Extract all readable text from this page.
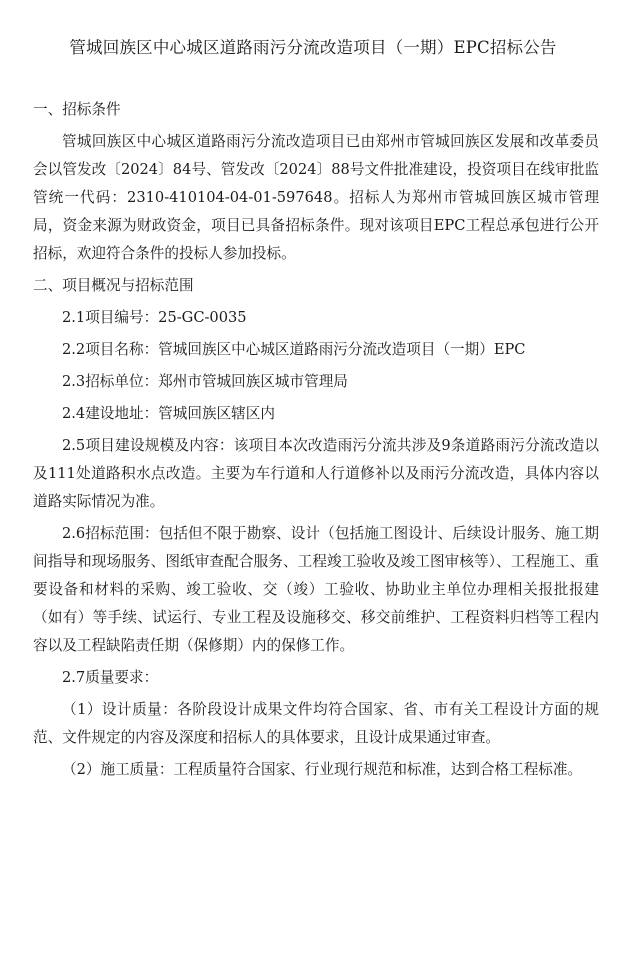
管城回族区中心城区道路雨污分流改造项目（一期）EPC招标公告

一、招标条件

管城回族区中心城区道路雨污分流改造项目已由郑州市管城回族区发展和改革委员会以管发改〔2024〕84号、管发改〔2024〕88号文件批准建设，投资项目在线审批监管统一代码：2310-410104-04-01-597648。招标人为郑州市管城回族区城市管理局，资金来源为财政资金，项目已具备招标条件。现对该项目EPC工程总承包进行公开招标，欢迎符合条件的投标人参加投标。

二、项目概况与招标范围

2.1项目编号：25-GC-0035

2.2项目名称：管城回族区中心城区道路雨污分流改造项目（一期）EPC

2.3招标单位：郑州市管城回族区城市管理局

2.4建设地址：管城回族区辖区内

2.5项目建设规模及内容：该项目本次改造雨污分流共涉及9条道路雨污分流改造以及111处道路积水点改造。主要为车行道和人行道修补以及雨污分流改造，具体内容以道路实际情况为准。

2.6招标范围：包括但不限于勘察、设计（包括施工图设计、后续设计服务、施工期间指导和现场服务、图纸审查配合服务、工程竣工验收及竣工图审核等）、工程施工、重要设备和材料的采购、竣工验收、交（竣）工验收、协助业主单位办理相关报批报建（如有）等手续、试运行、专业工程及设施移交、移交前维护、工程资料归档等工程内容以及工程缺陷责任期（保修期）内的保修工作。

2.7质量要求：

（1）设计质量：各阶段设计成果文件均符合国家、省、市有关工程设计方面的规范、文件规定的内容及深度和招标人的具体要求，且设计成果通过审查。

（2）施工质量：工程质量符合国家、行业现行规范和标准，达到合格工程标准。
